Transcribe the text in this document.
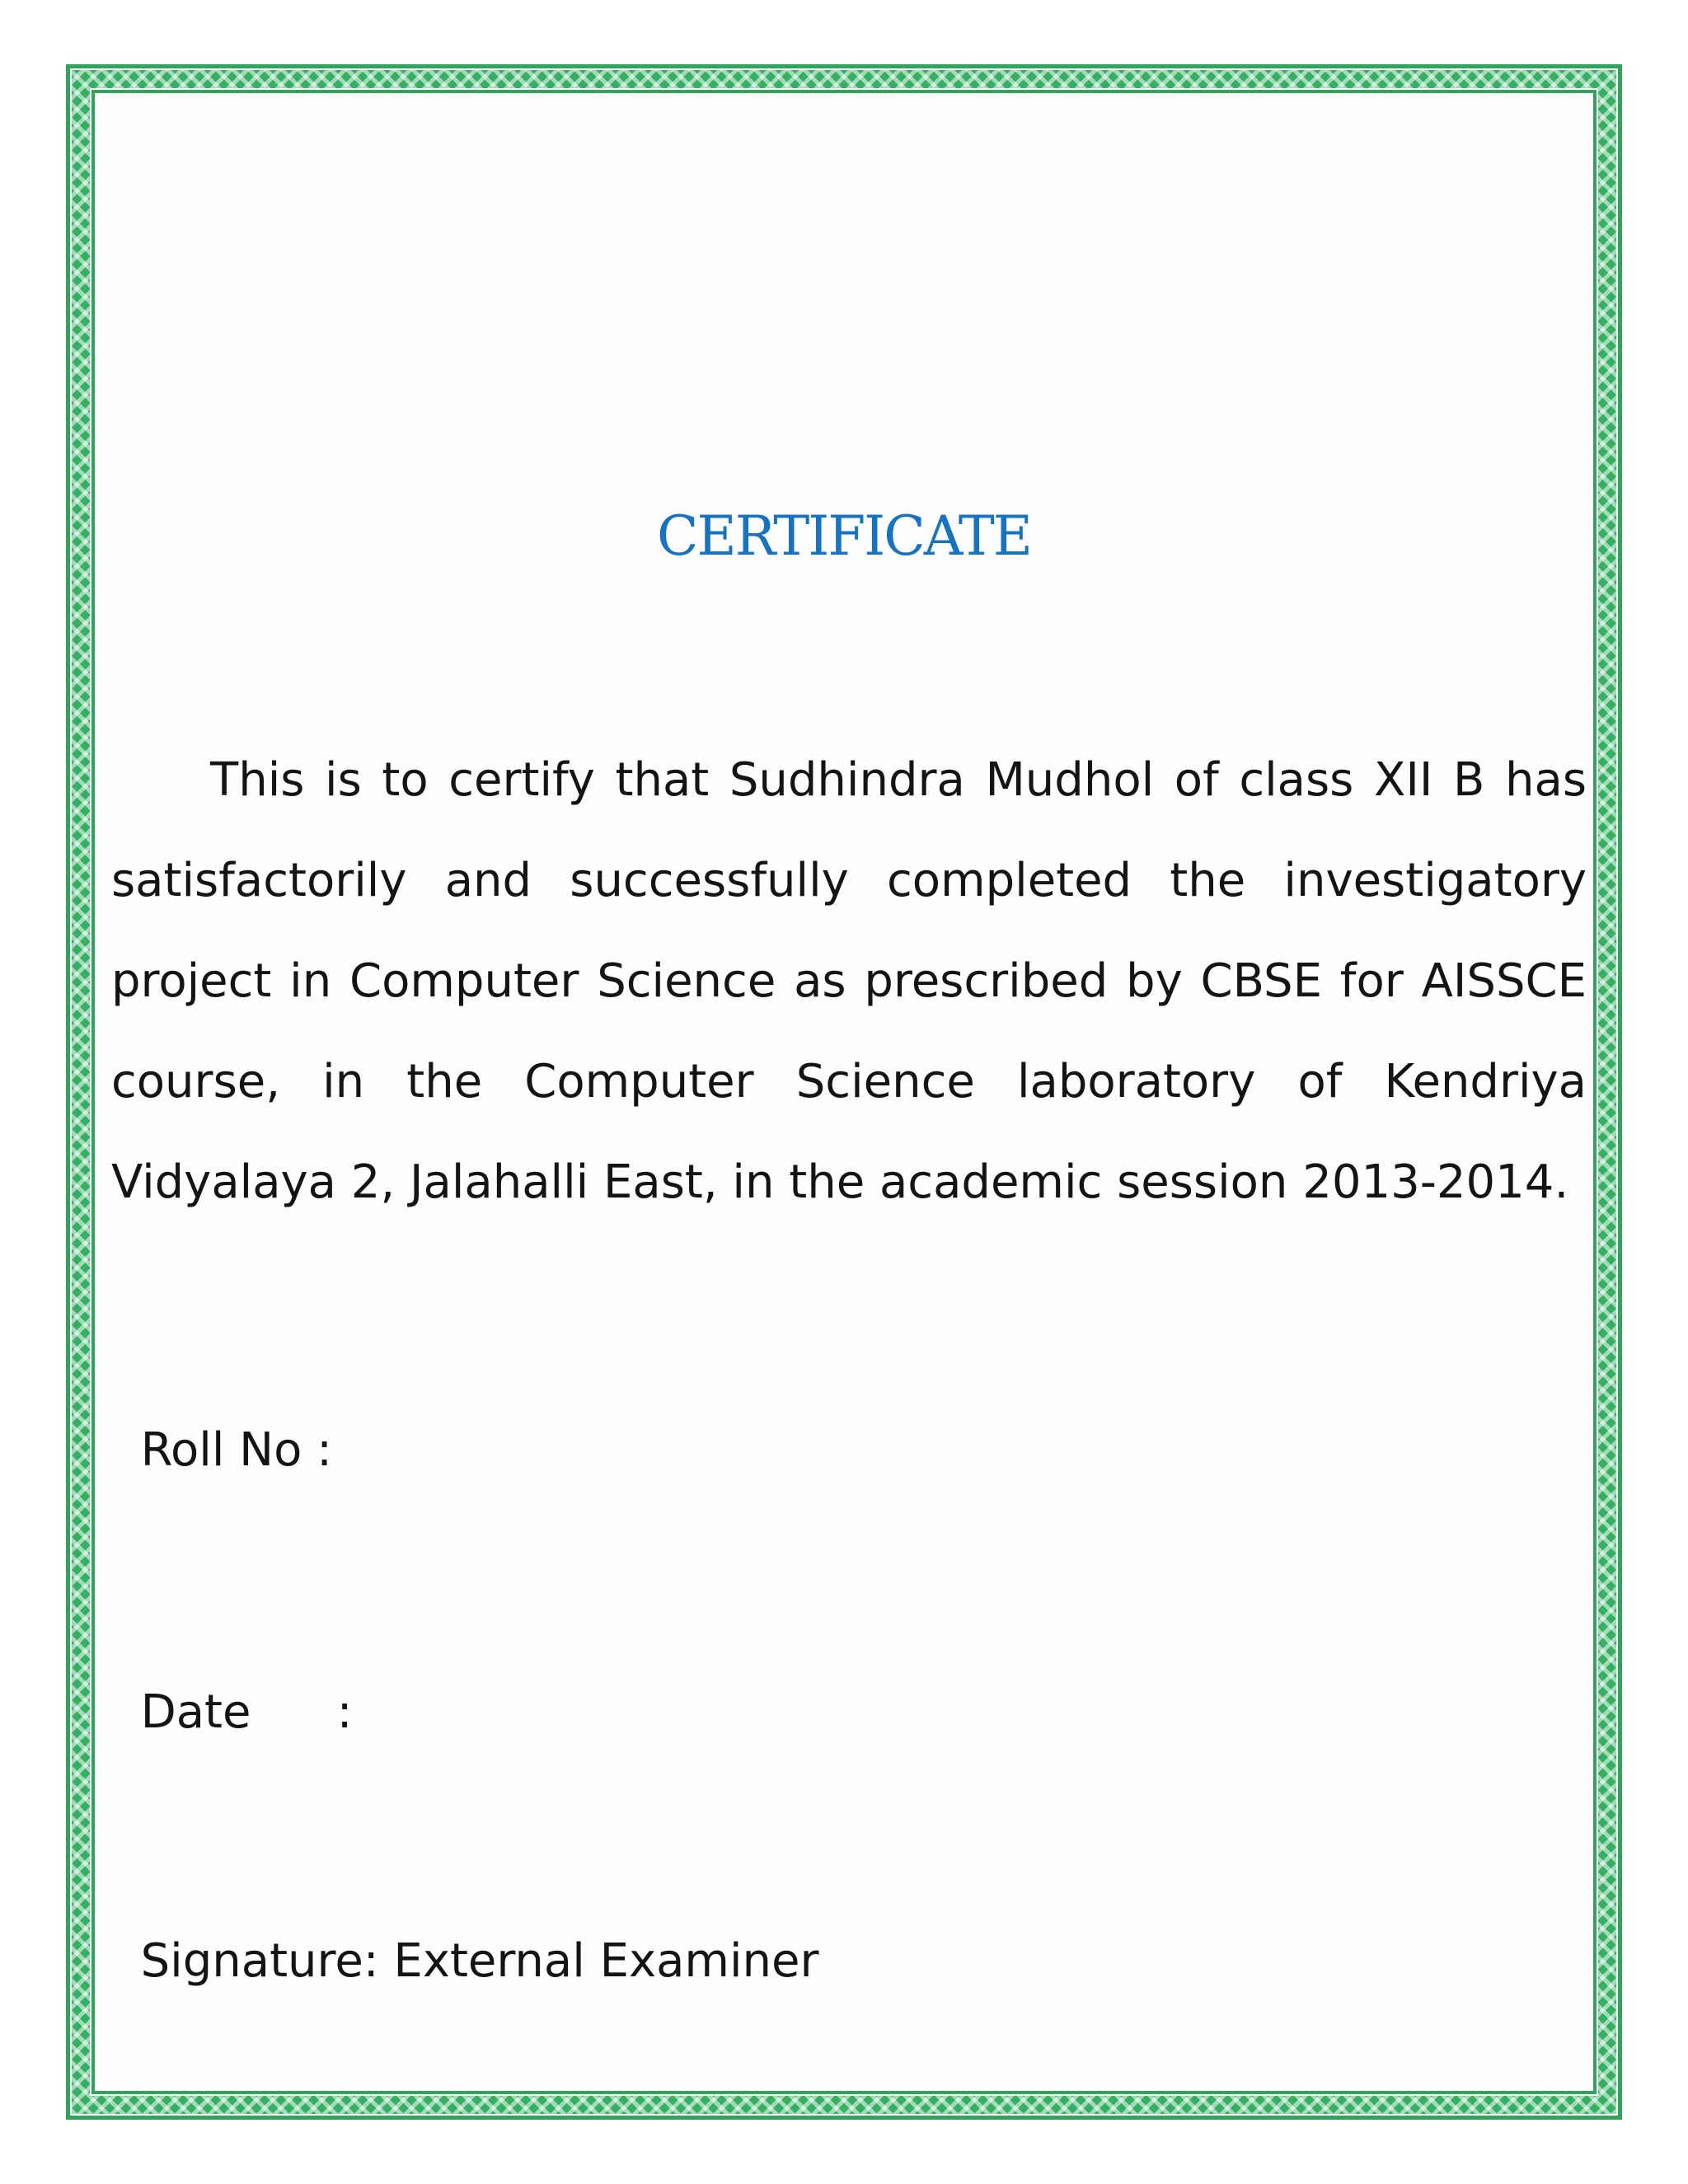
CERTIFICATE

This is to certify that Sudhindra Mudhol of class XII B has satisfactorily and successfully completed the investigatory project in Computer Science as prescribed by CBSE for AISSCE course, in the Computer Science laboratory of Kendriya Vidyalaya 2, Jalahalli East, in the academic session 2013-2014.

Roll No :

Date :

Signature: External Examiner
